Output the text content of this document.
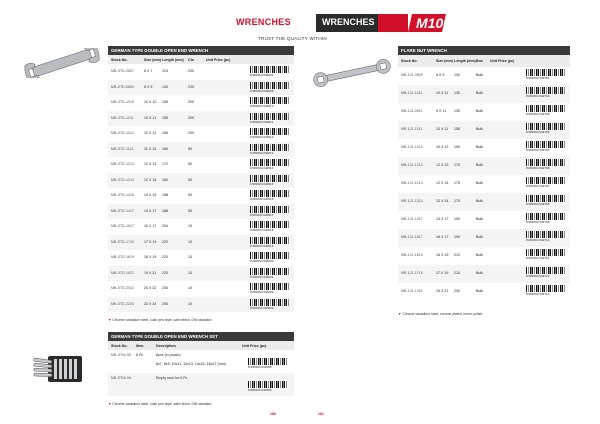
WRENCHES	WRENCHES	M10
TRUST THE QUALITY WITHIN
GERMAN TYPE DOUBLE OPEN END WRENCH
Stock No.	Size (mm) Length (mm) Ctn	Unit Price (pc)
MB-STD-0607	6 X 7	124	200
8 681504 040604
MB-STD-0809	8 X 9	140	200
8 681504 040609
MB-STD-1010	10 X 10 155	200
8 681504 040610
MB-STD-1011	10 X 11 155	200
8 681504 040611
MB-STD-1012	10 X 12 166	200
8 681504 040612
MB-STD-1113	11 X 13 160	50
8 681504 040613
MB-STD-1213	12 X 13 172	50
8 681504 040614
MB-STD-1214	12 X 14 180	50
8 681504 040615
MB-STD-1415	14 X 15 188	50
8 681504 040616
MB-STD-1417	14 X 17 188	50
8 681504 040617
MB-STD-1617	16 X 17 204	10
8 681504 040618
MB-STD-1719	17 X 19 220	10
8 681504 040619
MB-STD-1819	18 X 19 220	10
8 681504 040620
MB-STD-1921	19 X 21 220	10
8 681504 040621
MB-STD-2022	20 X 22 230	10
8 681504 040622
MB-STD-2224	22 X 24 250	10
8 681504 040623
▼ Chrome vanadium steel, cush pen style, satin finish, DIN standard.
GERMAN TYPE DOUBLE OPEN END WRENCH SET
Stock No. Item	Description	Unit Price (pc)
MB-STW-06 6 Pc	6pcs (in pouch)
6x7, 8x9, 10x11, 12x13, 14x15, 16x17 (mm)
8 681504 041608
MB-STW-06-	Empty rack for 6 Pc
8 681504 041609
▼ Chrome vanadium steel, cush pen style, satin finish, DIN standard.
FLARE NUT WRENCH
Stock No.	Size (mm) Length (mm) Box Unit Price (pc)
MB-121-0809	8 X 9	130	Bulk
8 681504 042701
MB-121-1011	10 X 11 130	Bulk
8 681504 042702
MB-121-0911	9 X 11 130	Bulk
8 681504 042703
MB-121-1011	10 X 11 150	Bulk
8 681504 042704
MB-121-1012	10 X 12 150	Bulk
8 681504 042705
MB-121-1213	12 X 13 170	Bulk
8 681504 042706
MB-121-1214	12 X 14 175	Bulk
8 681504 042707
MB-121-1314	13 X 14 175	Bulk
8 681504 042708
MB-121-1417	14 X 17 190	Bulk
8 681504 042709
MB-121-1617	16 X 17 190	Bulk
8 681504 042710
MB-121-1619	16 X 19 210	Bulk
8 681504 042711
MB-121-1719	17 X 19 210	Bulk
8 681504 042712
MB-121-1921	19 X 21 230	Bulk
8 681504 042713
▼ Chrome vanadium steel, chrome plated, mirror polish.
180	181
